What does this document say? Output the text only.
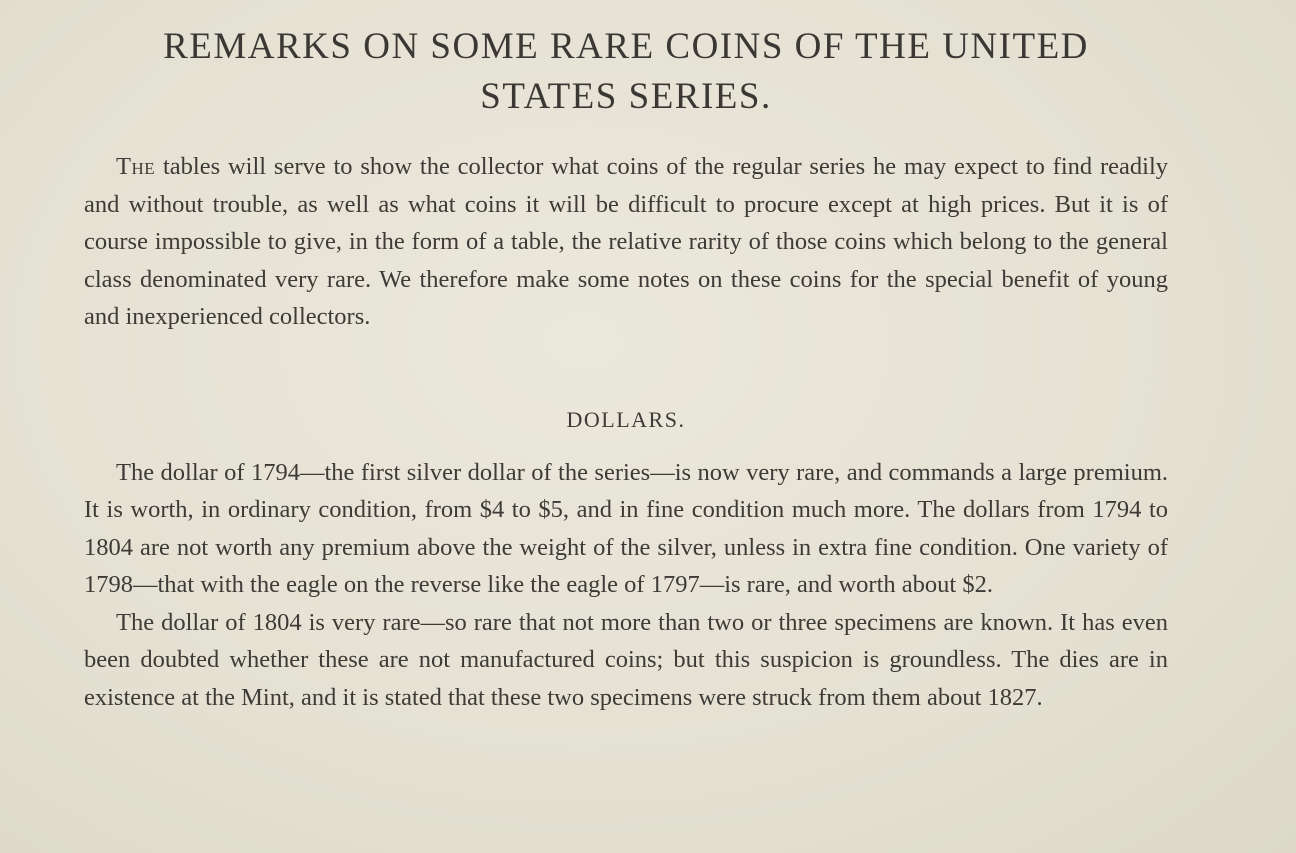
REMARKS ON SOME RARE COINS OF THE UNITED
STATES SERIES.

The tables will serve to show the collector what coins of the regular series he may expect to find readily and without trouble, as well as what coins it will be difficult to procure except at high prices. But it is of course impossible to give, in the form of a table, the relative rarity of those coins which belong to the general class denominated very rare. We therefore make some notes on these coins for the special benefit of young and inexperienced collectors.

DOLLARS.

The dollar of 1794—the first silver dollar of the series—is now very rare, and commands a large premium. It is worth, in ordinary condition, from $4 to $5, and in fine condition much more. The dollars from 1794 to 1804 are not worth any premium above the weight of the silver, unless in extra fine condition. One variety of 1798—that with the eagle on the reverse like the eagle of 1797—is rare, and worth about $2.

The dollar of 1804 is very rare—so rare that not more than two or three specimens are known. It has even been doubted whether these are not manufactured coins; but this suspicion is groundless. The dies are in existence at the Mint, and it is stated that these two specimens were struck from them about 1827.
